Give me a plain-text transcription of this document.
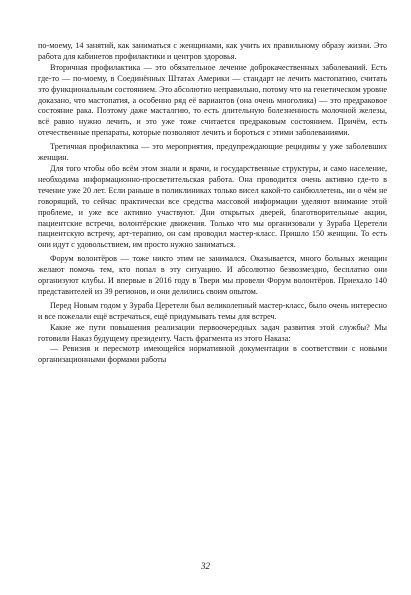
по-моему, 14 занятий, как заниматься с женщинами, как учить их правильному образу жизни. Это работа для кабинетов профилактики и центров здоровья.

Вторичная профилактика — это обязательное лечение доброкачественных заболеваний. Есть где-то — по-моему, в Соединённых Штатах Америки — стандарт не лечить мастопатию, считать это функциональным состоянием. Это абсолютно неправильно, потому что на генетическом уровне доказано, что мастопатия, а особенно ряд её вариантов (она очень многолика) — это предраковое состояние рака. Поэтому даже масталгию, то есть длительную болезненность молочной железы, всё равно нужно лечить, и это уже тоже считается предраковым состоянием. Причём, есть отечественные препараты, которые позволяют лечить и бороться с этими заболеваниями.

Третичная профилактика — это мероприятия, предупреждающие рецидивы у уже заболевших женщин.

Для того чтобы обо всём этом знали и врачи, и государственные структуры, и само население, необходима информационно-просветительская работа. Она проводится очень активно где-то в течение уже 20 лет. Если раньше в поликлиниках только висел какой-то санбюллетень, ни о чём не говорящий, то сейчас практически все средства массовой информации уделяют внимание этой проблеме, и уже все активно участвуют. Дни открытых дверей, благотворительные акции, пациентские встречи, волонтёрские движения. Только что мы организовали у Зураба Церетели пациентскую встречу, арт-терапию, он сам проводил мастер-класс. Пришло 150 женщин. То есть они идут с удовольствием, им просто нужно заниматься.

Форум волонтёров — тоже никто этим не занимался. Оказывается, много больных женщин желают помочь тем, кто попал в эту ситуацию. И абсолютно безвозмездно, бесплатно они организуют клубы. И впервые в 2016 году в Твери мы провели Форум волонтёров. Приехало 140 представителей из 39 регионов, и они делились своим опытом.

Перед Новым годом у Зураба Церетели был великолепный мастер-класс, было очень интересно и все пожелали ещё встречаться, ещё придумывать темы для встреч.

Какие же пути повышения реализации первоочередных задач развития этой службы? Мы готовили Наказ будущему президенту. Часть фрагмента из этого Наказа:

— Ревизия и пересмотр имеющейся нормативной документации в соответствии с новыми организационными формами работы

32
